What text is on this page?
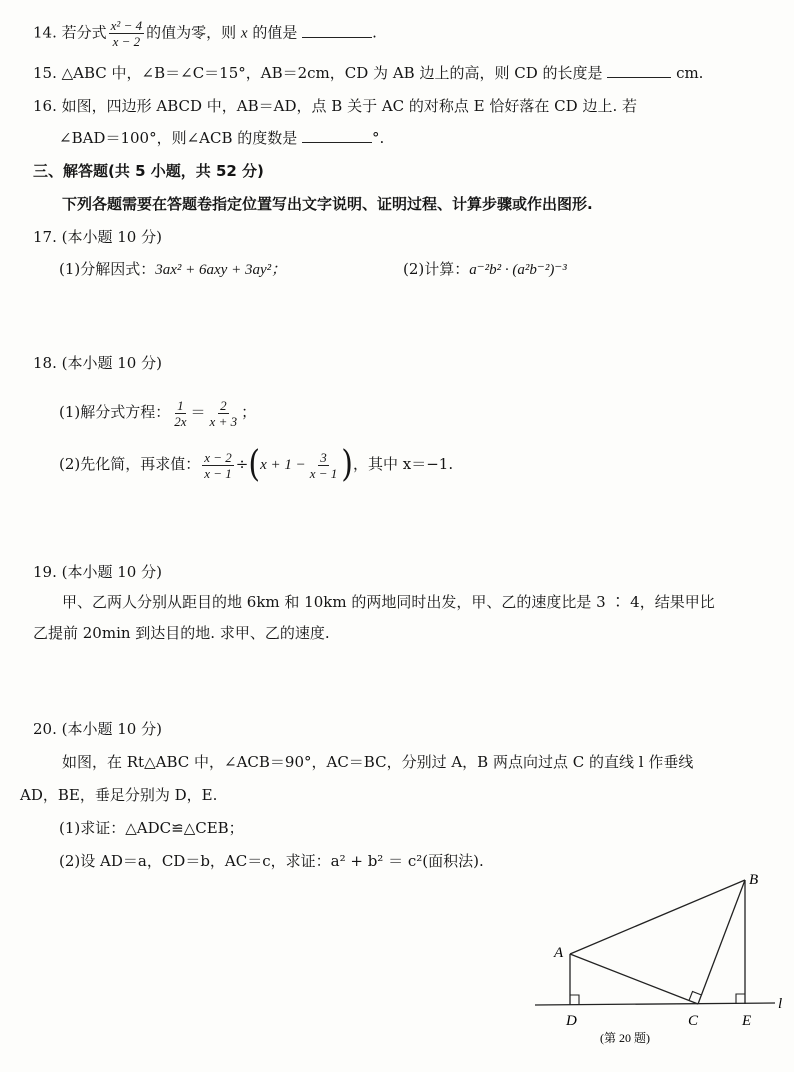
14. 若分式 $\frac{\text{x² − 4}}{x - 2}$ 的值为零，则 x 的值是	.
15. △ABC 中，∠B＝∠C＝15°，AB＝2cm，CD 为 AB 边上的高，则 CD 的长度是	cm.
16. 如图，四边形 ABCD 中，AB＝AD，点 B 关于 AC 的对称点 E 恰好落在 CD 边上. 若
∠BAD＝100°，则∠ACB 的度数是	°.
三、解答题(共 5 小题，共 52 分)
下列各题需要在答题卷指定位置写出文字说明、证明过程、计算步骤或作出图形.
17. (本小题 10 分)
(1)分解因式：3ax² + 6axy + 3ay²；	(2)计算：a⁻²b² · (a²b⁻²)⁻³
18. (本小题 10 分)
(1)解分式方程： $\frac{1}{2x} = \frac{2}{x + 3}$ ；
(2)先化简，再求值： $\frac{x - 2}{x - 1} \div(x + 1 - \frac{3}{x - 1}$ )，其中 x＝−1.
19. (本小题 10 分)
甲、乙两人分别从距目的地 6km 和 10km 的两地同时出发，甲、乙的速度比是 3 ∶ 4，结果甲比
乙提前 20min 到达目的地. 求甲、乙的速度.
20. (本小题 10 分)
如图，在 Rt△ABC 中，∠ACB＝90°，AC＝BC，分别过 A，B 两点向过点 C 的直线 l 作垂线
AD，BE，垂足分别为 D，E.
(1)求证：△ADC≌△CEB；
(2)设 AD＝a，CD＝b，AC＝c，求证：a² + b² ＝ c²(面积法).
A
B
C
D	E
l
(第 20 题)
